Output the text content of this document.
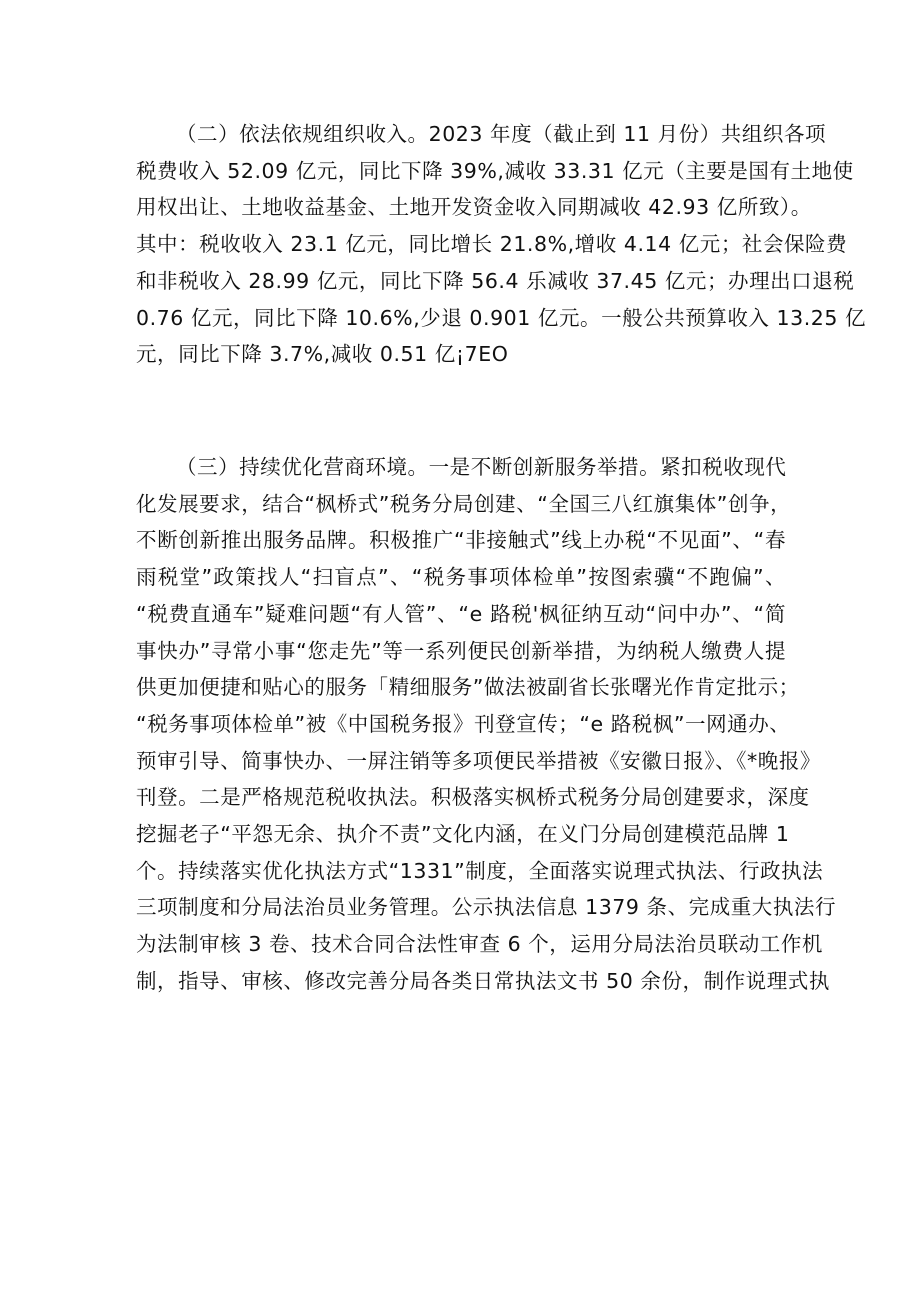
（二）依法依规组织收入。2023 年度（截止到 11 月份）共组织各项
税费收入 52.09 亿元，同比下降 39%,减收 33.31 亿元（主要是国有土地使
用权出让、土地收益基金、土地开发资金收入同期减收 42.93 亿所致）。
其中：税收收入 23.1 亿元，同比增长 21.8%,增收 4.14 亿元；社会保险费
和非税收入 28.99 亿元，同比下降 56.4 乐减收 37.45 亿元；办理出口退税
0.76 亿元，同比下降 10.6%,少退 0.901 亿元。一般公共预算收入 13.25 亿
元，同比下降 3.7%,减收 0.51 亿¡7EO

（三）持续优化营商环境。一是不断创新服务举措。紧扣税收现代
化发展要求，结合“枫桥式”税务分局创建、“全国三八红旗集体”创争，
不断创新推出服务品牌。积极推广“非接触式”线上办税“不见面”、“春
雨税堂”政策找人“扫盲点”、“税务事项体检单”按图索骥“不跑偏”、
“税费直通车”疑难问题“有人管”、“e 路税'枫征纳互动“问中办”、“简
事快办”寻常小事“您走先”等一系列便民创新举措，为纳税人缴费人提
供更加便捷和贴心的服务「精细服务”做法被副省长张曙光作肯定批示；
“税务事项体检单”被《中国税务报》刊登宣传；“e 路税枫”一网通办、
预审引导、简事快办、一屏注销等多项便民举措被《安徽日报》、《*晚报》
刊登。二是严格规范税收执法。积极落实枫桥式税务分局创建要求，深度
挖掘老子“平怨无余、执介不责”文化内涵，在义门分局创建模范品牌 1
个。持续落实优化执法方式“1331”制度，全面落实说理式执法、行政执法
三项制度和分局法治员业务管理。公示执法信息 1379 条、完成重大执法行
为法制审核 3 卷、技术合同合法性审查 6 个，运用分局法治员联动工作机
制，指导、审核、修改完善分局各类日常执法文书 50 余份，制作说理式执
